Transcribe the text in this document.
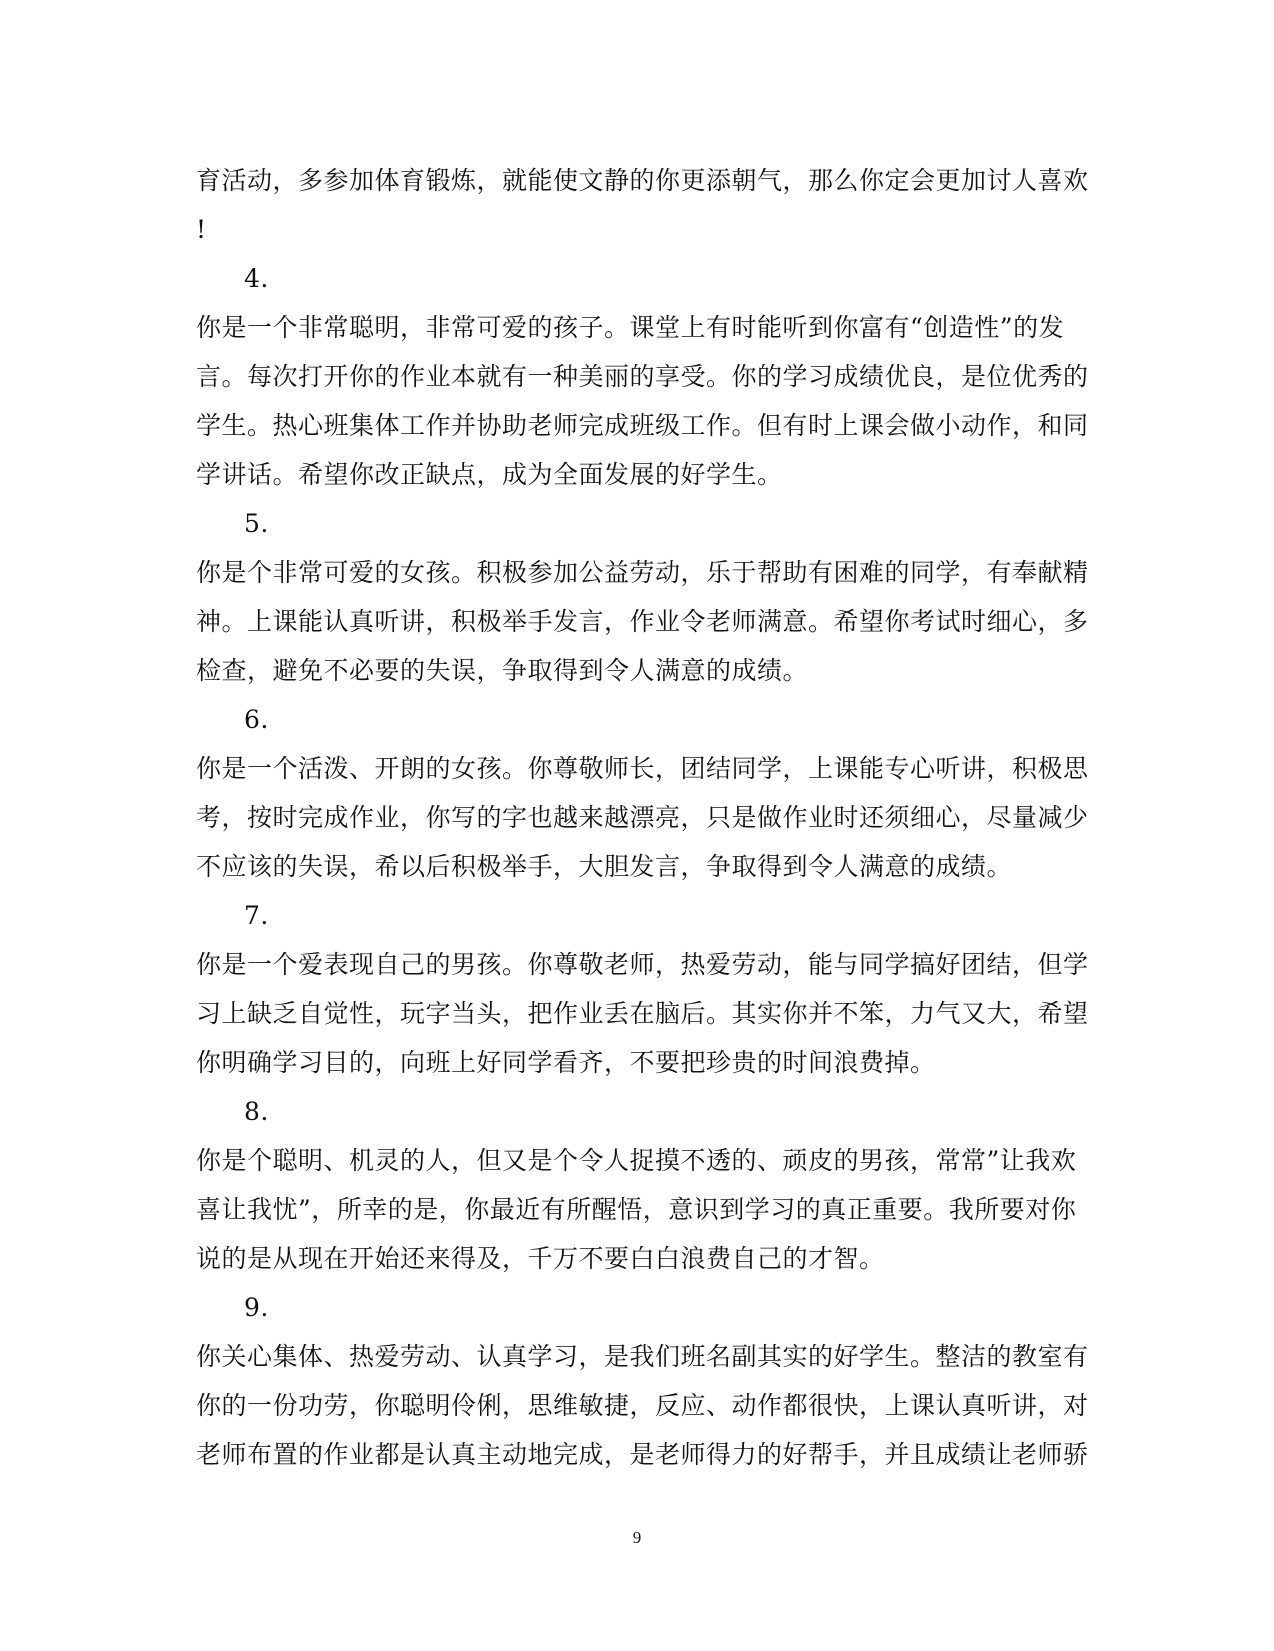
育活动，多参加体育锻炼，就能使文静的你更添朝气，那么你定会更加讨人喜欢
!
4.
你是一个非常聪明，非常可爱的孩子。课堂上有时能听到你富有“创造性”的发
言。每次打开你的作业本就有一种美丽的享受。你的学习成绩优良，是位优秀的
学生。热心班集体工作并协助老师完成班级工作。但有时上课会做小动作，和同
学讲话。希望你改正缺点，成为全面发展的好学生。
5.
你是个非常可爱的女孩。积极参加公益劳动，乐于帮助有困难的同学，有奉献精
神。上课能认真听讲，积极举手发言，作业令老师满意。希望你考试时细心，多
检查，避免不必要的失误，争取得到令人满意的成绩。
6.
你是一个活泼、开朗的女孩。你尊敬师长，团结同学，上课能专心听讲，积极思
考，按时完成作业，你写的字也越来越漂亮，只是做作业时还须细心，尽量减少
不应该的失误，希以后积极举手，大胆发言，争取得到令人满意的成绩。
7.
你是一个爱表现自己的男孩。你尊敬老师，热爱劳动，能与同学搞好团结，但学
习上缺乏自觉性，玩字当头，把作业丢在脑后。其实你并不笨，力气又大，希望
你明确学习目的，向班上好同学看齐，不要把珍贵的时间浪费掉。
8.
你是个聪明、机灵的人，但又是个令人捉摸不透的、顽皮的男孩，常常”让我欢
喜让我忧”，所幸的是，你最近有所醒悟，意识到学习的真正重要。我所要对你
说的是从现在开始还来得及，千万不要白白浪费自己的才智。
9.
你关心集体、热爱劳动、认真学习，是我们班名副其实的好学生。整洁的教室有
你的一份功劳，你聪明伶俐，思维敏捷，反应、动作都很快，上课认真听讲，对
老师布置的作业都是认真主动地完成，是老师得力的好帮手，并且成绩让老师骄
9
